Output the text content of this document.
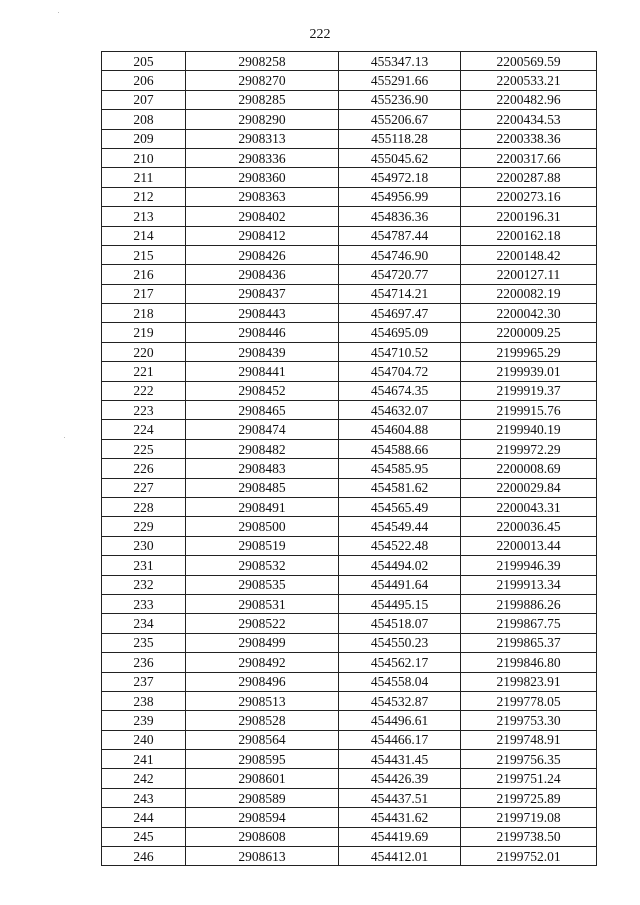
222
205	2908258	455347.13	2200569.59
206	2908270	455291.66	2200533.21
207	2908285	455236.90	2200482.96
208	2908290	455206.67	2200434.53
209	2908313	455118.28	2200338.36
210	2908336	455045.62	2200317.66
211	2908360	454972.18	2200287.88
212	2908363	454956.99	2200273.16
213	2908402	454836.36	2200196.31
214	2908412	454787.44	2200162.18
215	2908426	454746.90	2200148.42
216	2908436	454720.77	2200127.11
217	2908437	454714.21	2200082.19
218	2908443	454697.47	2200042.30
219	2908446	454695.09	2200009.25
220	2908439	454710.52	2199965.29
221	2908441	454704.72	2199939.01
222	2908452	454674.35	2199919.37
223	2908465	454632.07	2199915.76
224	2908474	454604.88	2199940.19
225	2908482	454588.66	2199972.29
226	2908483	454585.95	2200008.69
227	2908485	454581.62	2200029.84
228	2908491	454565.49	2200043.31
229	2908500	454549.44	2200036.45
230	2908519	454522.48	2200013.44
231	2908532	454494.02	2199946.39
232	2908535	454491.64	2199913.34
233	2908531	454495.15	2199886.26
234	2908522	454518.07	2199867.75
235	2908499	454550.23	2199865.37
236	2908492	454562.17	2199846.80
237	2908496	454558.04	2199823.91
238	2908513	454532.87	2199778.05
239	2908528	454496.61	2199753.30
240	2908564	454466.17	2199748.91
241	2908595	454431.45	2199756.35
242	2908601	454426.39	2199751.24
243	2908589	454437.51	2199725.89
244	2908594	454431.62	2199719.08
245	2908608	454419.69	2199738.50
246	2908613	454412.01	2199752.01
